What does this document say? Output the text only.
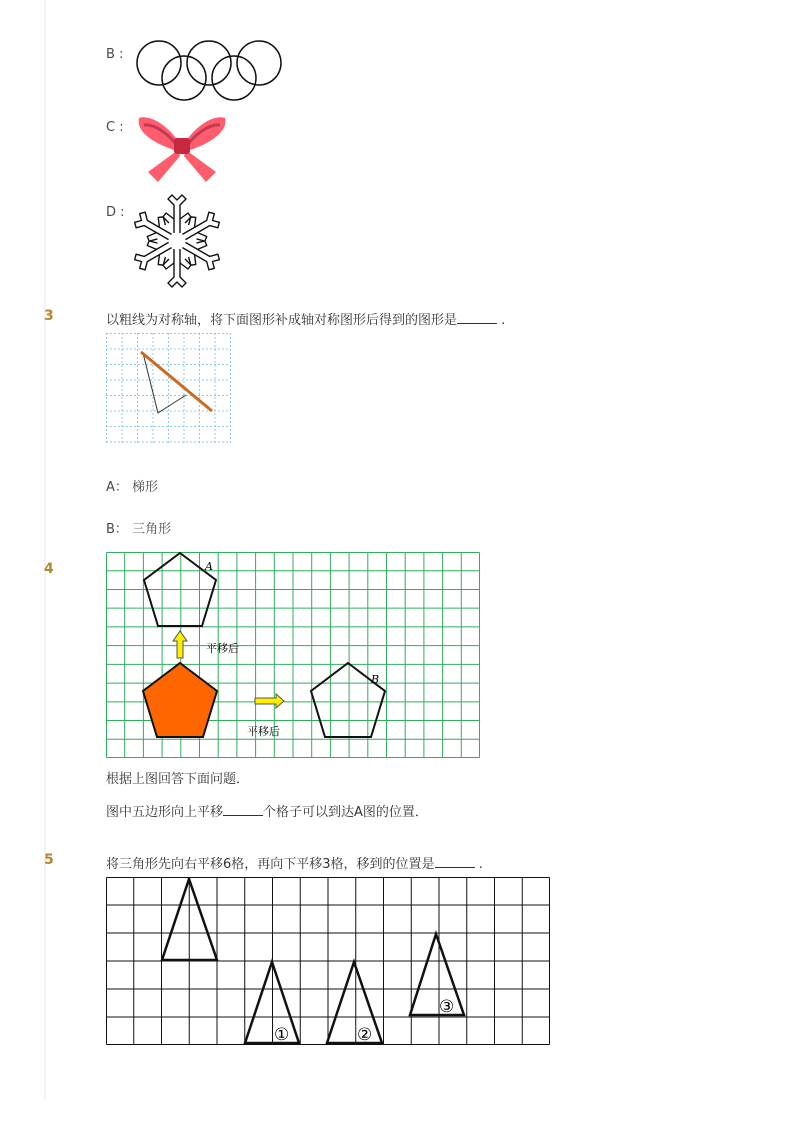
B :
C :
D :
3	以粗线为对称轴，将下面图形补成轴对称图形后得到的图形是	.
A： 梯形
B： 三角形
4	A
B
平移后
平移后
根据上图回答下面问题．
图中五边形向上平移	个格子可以到达A图的位置．
5	将三角形先向右平移6格，再向下平移3格，移到的位置是	.
①	②
③
